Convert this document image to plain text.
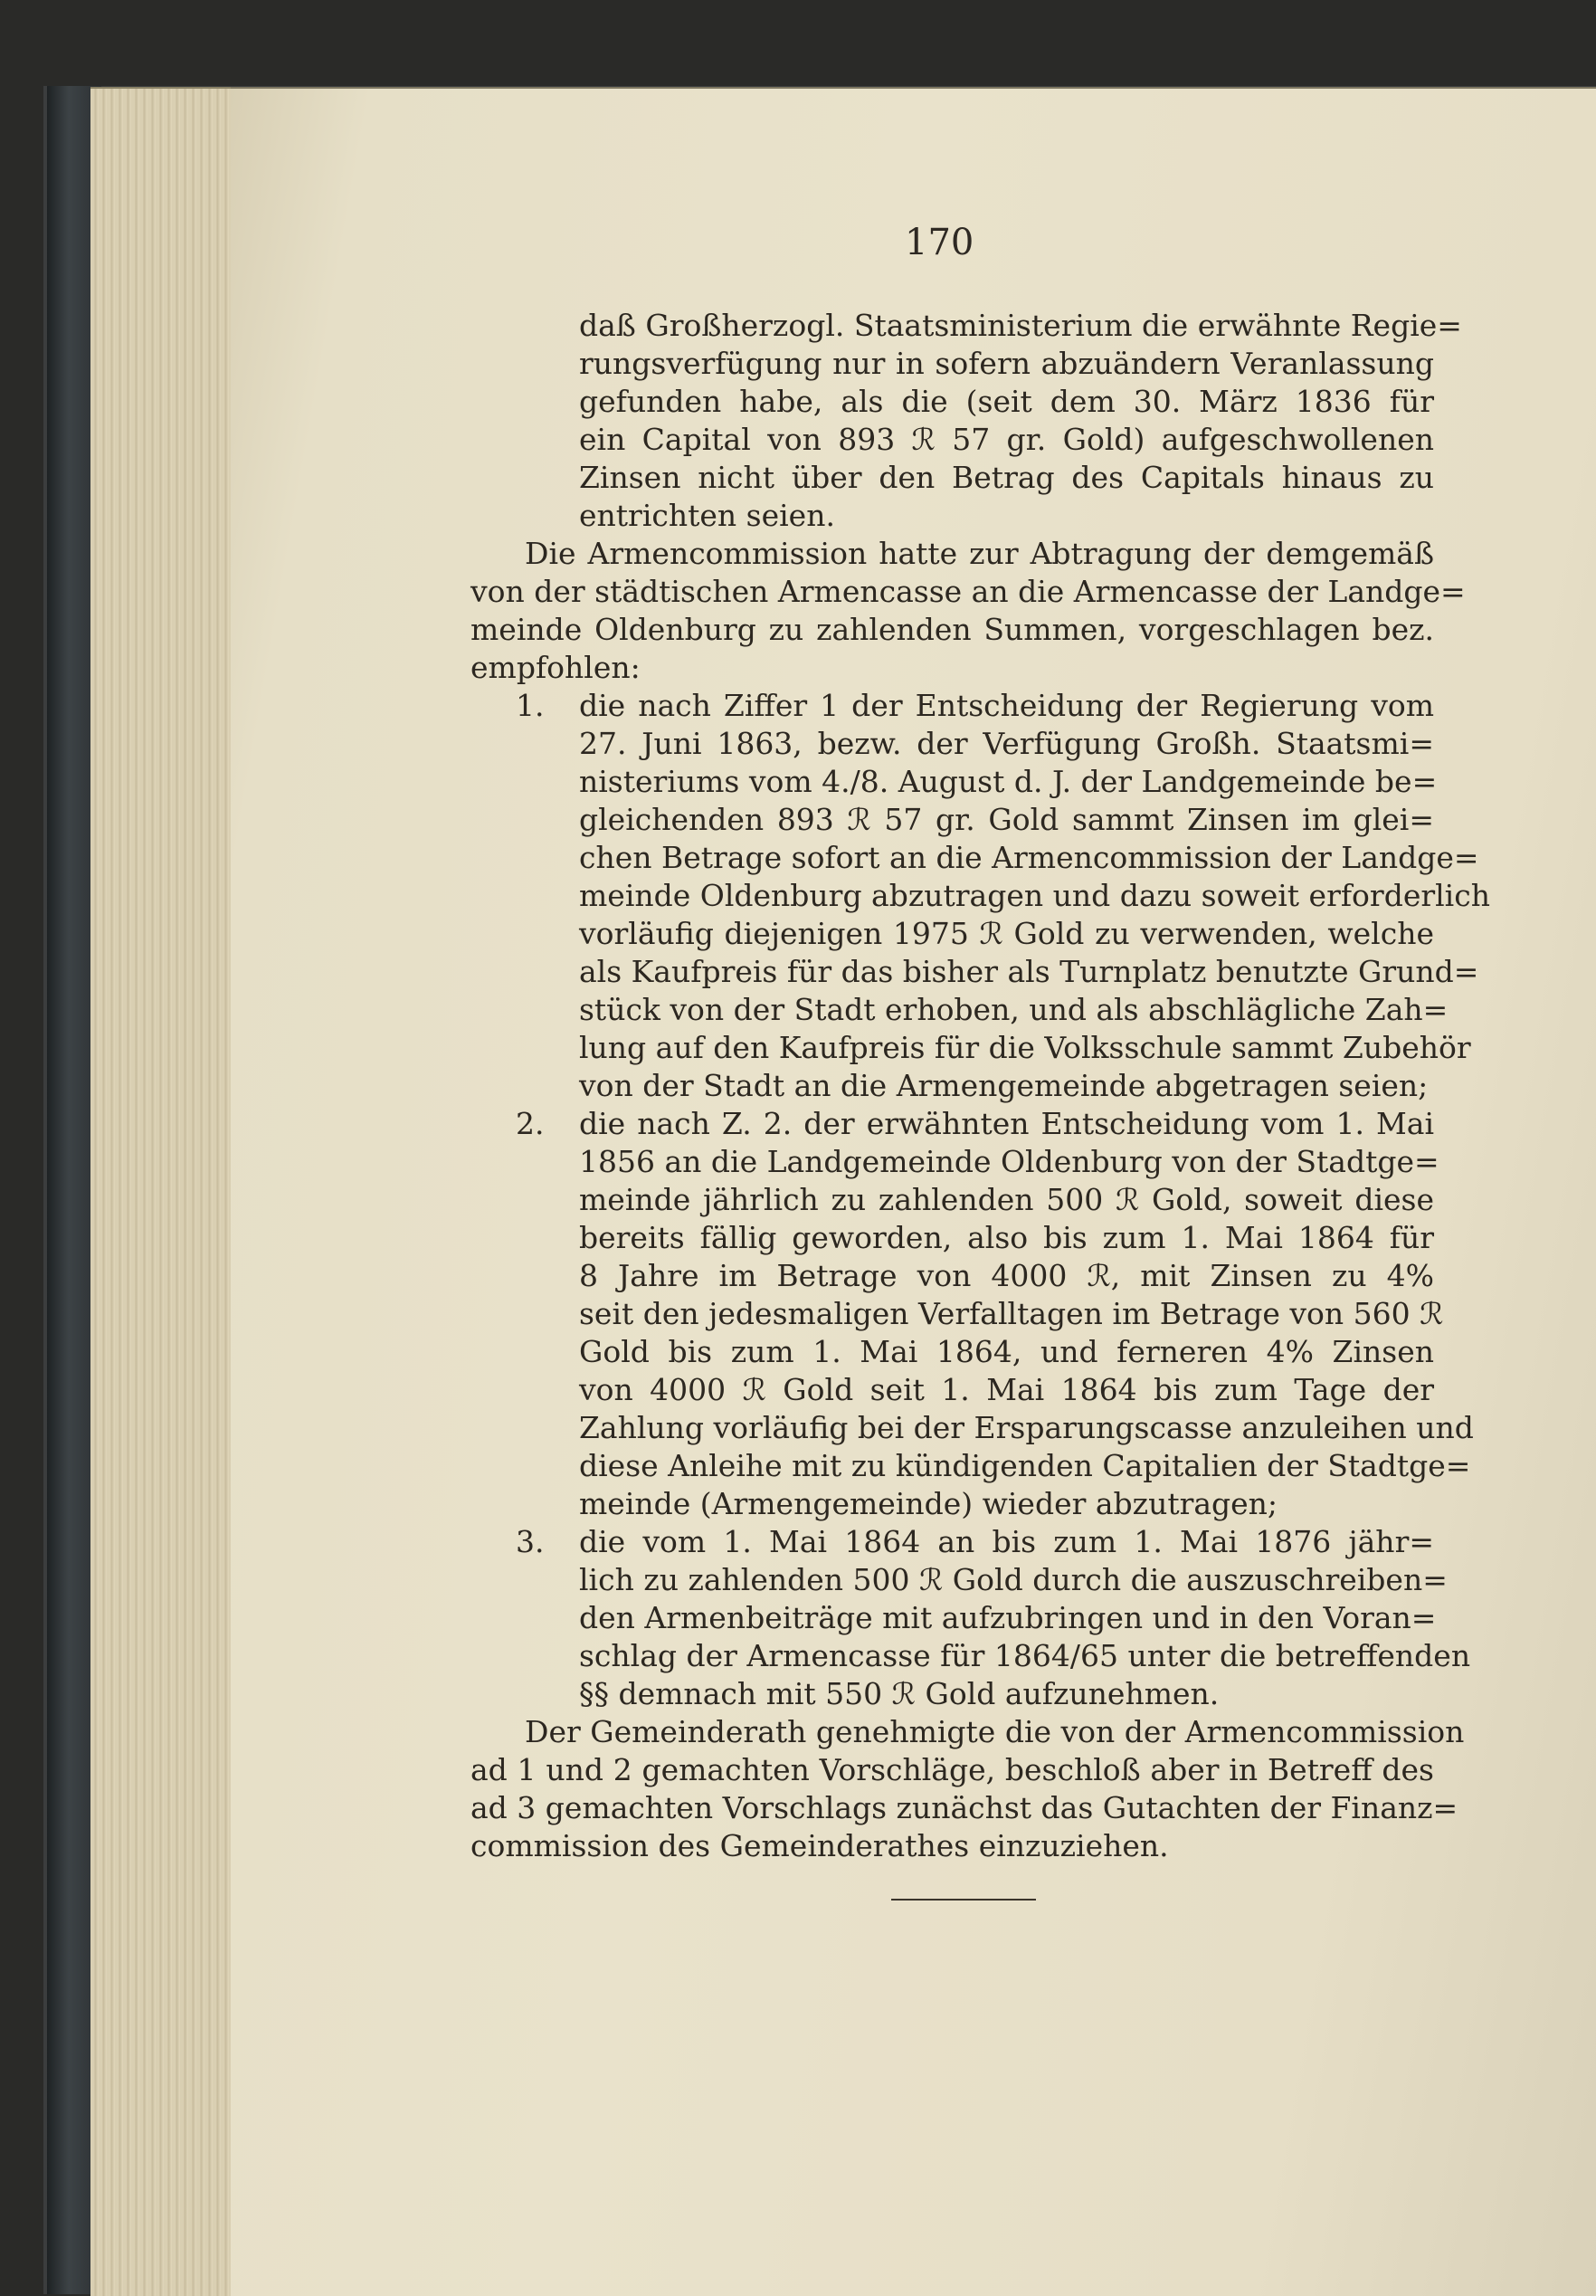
daß Großherzogl. Staatsministerium die erwähnte Regie=
rungsverfügung nur in sofern abzuändern Veranlassung
gefunden habe, als die (seit dem 30. März 1836 für
ein Capital von 893 ℛ 57 gr. Gold) aufgeschwollenen
Zinsen nicht über den Betrag des Capitals hinaus zu
entrichten seien.
Die Armencommission hatte zur Abtragung der demgemäß
von der städtischen Armencasse an die Armencasse der Landge=
meinde Oldenburg zu zahlenden Summen, vorgeschlagen bez.
empfohlen:
1. die nach Ziffer 1 der Entscheidung der Regierung vom
27. Juni 1863, bezw. der Verfügung Großh. Staatsmi=
nisteriums vom 4./8. August d. J. der Landgemeinde be=
gleichenden 893 ℛ 57 gr. Gold sammt Zinsen im glei=
chen Betrage sofort an die Armencommission der Landge=
meinde Oldenburg abzutragen und dazu soweit erforderlich
vorläufig diejenigen 1975 ℛ Gold zu verwenden, welche
als Kaufpreis für das bisher als Turnplatz benutzte Grund=
stück von der Stadt erhoben, und als abschlägliche Zah=
lung auf den Kaufpreis für die Volksschule sammt Zubehör
von der Stadt an die Armengemeinde abgetragen seien;
2. die nach Z. 2. der erwähnten Entscheidung vom 1. Mai
1856 an die Landgemeinde Oldenburg von der Stadtge=
meinde jährlich zu zahlenden 500 ℛ Gold, soweit diese
bereits fällig geworden, also bis zum 1. Mai 1864 für
8 Jahre im Betrage von 4000 ℛ, mit Zinsen zu 4%
seit den jedesmaligen Verfalltagen im Betrage von 560 ℛ
Gold bis zum 1. Mai 1864, und ferneren 4% Zinsen
von 4000 ℛ Gold seit 1. Mai 1864 bis zum Tage der
Zahlung vorläufig bei der Ersparungscasse anzuleihen und
diese Anleihe mit zu kündigenden Capitalien der Stadtge=
meinde (Armengemeinde) wieder abzutragen;
3. die vom 1. Mai 1864 an bis zum 1. Mai 1876 jähr=
lich zu zahlenden 500 ℛ Gold durch die auszuschreiben=
den Armenbeiträge mit aufzubringen und in den Voran=
schlag der Armencasse für 1864/65 unter die betreffenden
§§ demnach mit 550 ℛ Gold aufzunehmen.
Der Gemeinderath genehmigte die von der Armencommission
ad 1 und 2 gemachten Vorschläge, beschloß aber in Betreff des
ad 3 gemachten Vorschlags zunächst das Gutachten der Finanz=
commission des Gemeinderathes einzuziehen.
170
